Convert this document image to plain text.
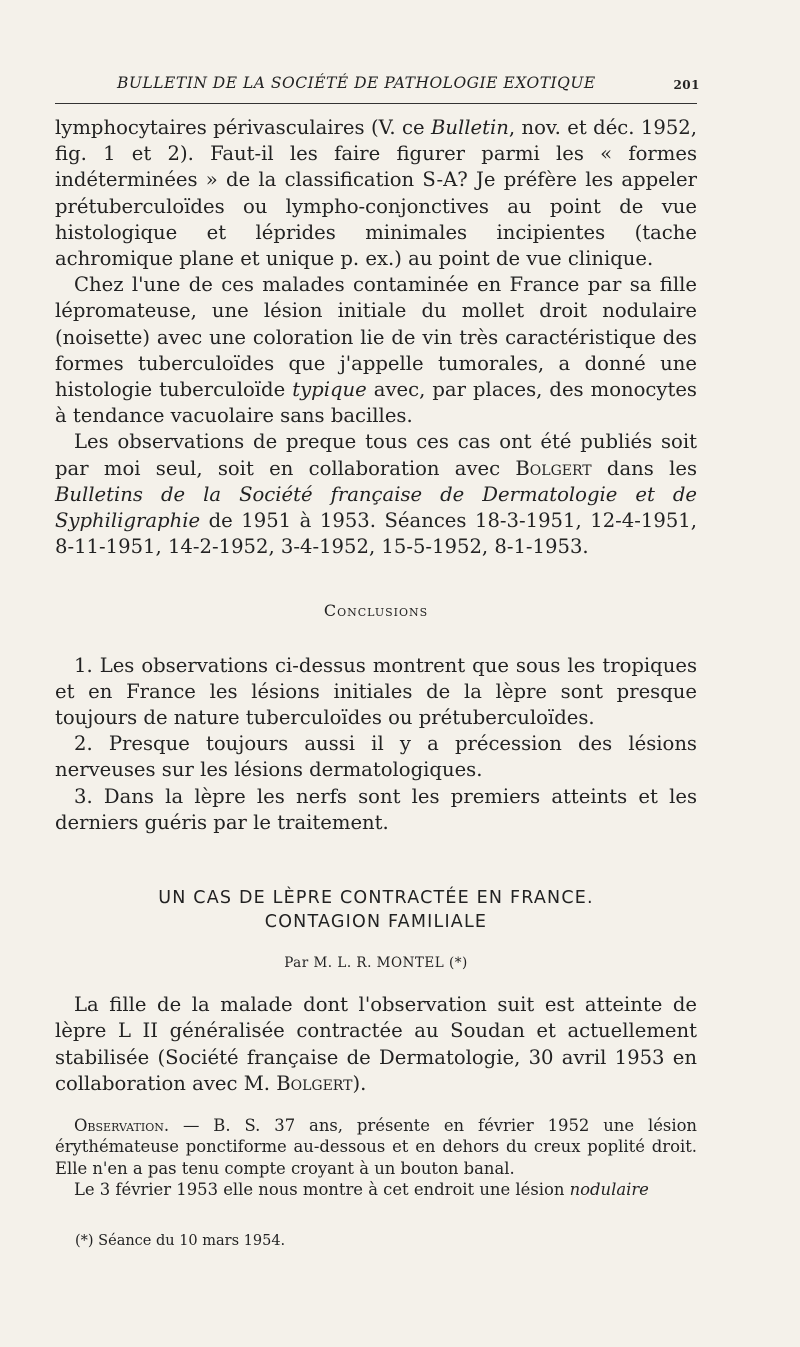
BULLETIN DE LA SOCIÉTÉ DE PATHOLOGIE EXOTIQUE	201

lymphocytaires périvasculaires (V. ce Bulletin, nov. et déc. 1952, fig. 1 et 2). Faut-il les faire figurer parmi les « formes indéterminées » de la classification S-A? Je préfère les appeler prétuberculoïdes ou lympho-conjonctives au point de vue histologique et léprides minimales incipientes (tache achromique plane et unique p. ex.) au point de vue clinique.

Chez l'une de ces malades contaminée en France par sa fille lépromateuse, une lésion initiale du mollet droit nodulaire (noisette) avec une coloration lie de vin très caractéristique des formes tuberculoïdes que j'appelle tumorales, a donné une histologie tuberculoïde typique avec, par places, des monocytes à tendance vacuolaire sans bacilles.

Les observations de preque tous ces cas ont été publiés soit par moi seul, soit en collaboration avec Bolgert dans les Bulletins de la Société française de Dermatologie et de Syphiligraphie de 1951 à 1953. Séances 18-3-1951, 12-4-1951, 8-11-1951, 14-2-1952, 3-4-1952, 15-5-1952, 8-1-1953.

Conclusions

1. Les observations ci-dessus montrent que sous les tropiques et en France les lésions initiales de la lèpre sont presque toujours de nature tuberculoïdes ou prétuberculoïdes.

2. Presque toujours aussi il y a précession des lésions nerveuses sur les lésions dermatologiques.

3. Dans la lèpre les nerfs sont les premiers atteints et les derniers guéris par le traitement.

UN CAS DE LÈPRE CONTRACTÉE EN FRANCE.
CONTAGION FAMILIALE
Par M. L. R. MONTEL (*)

La fille de la malade dont l'observation suit est atteinte de lèpre L II généralisée contractée au Soudan et actuellement stabilisée (Société française de Dermatologie, 30 avril 1953 en collaboration avec M. Bolgert).

Observation. — B. S. 37 ans, présente en février 1952 une lésion érythémateuse ponctiforme au-dessous et en dehors du creux poplité droit. Elle n'en a pas tenu compte croyant à un bouton banal.

Le 3 février 1953 elle nous montre à cet endroit une lésion nodulaire

(*) Séance du 10 mars 1954.
